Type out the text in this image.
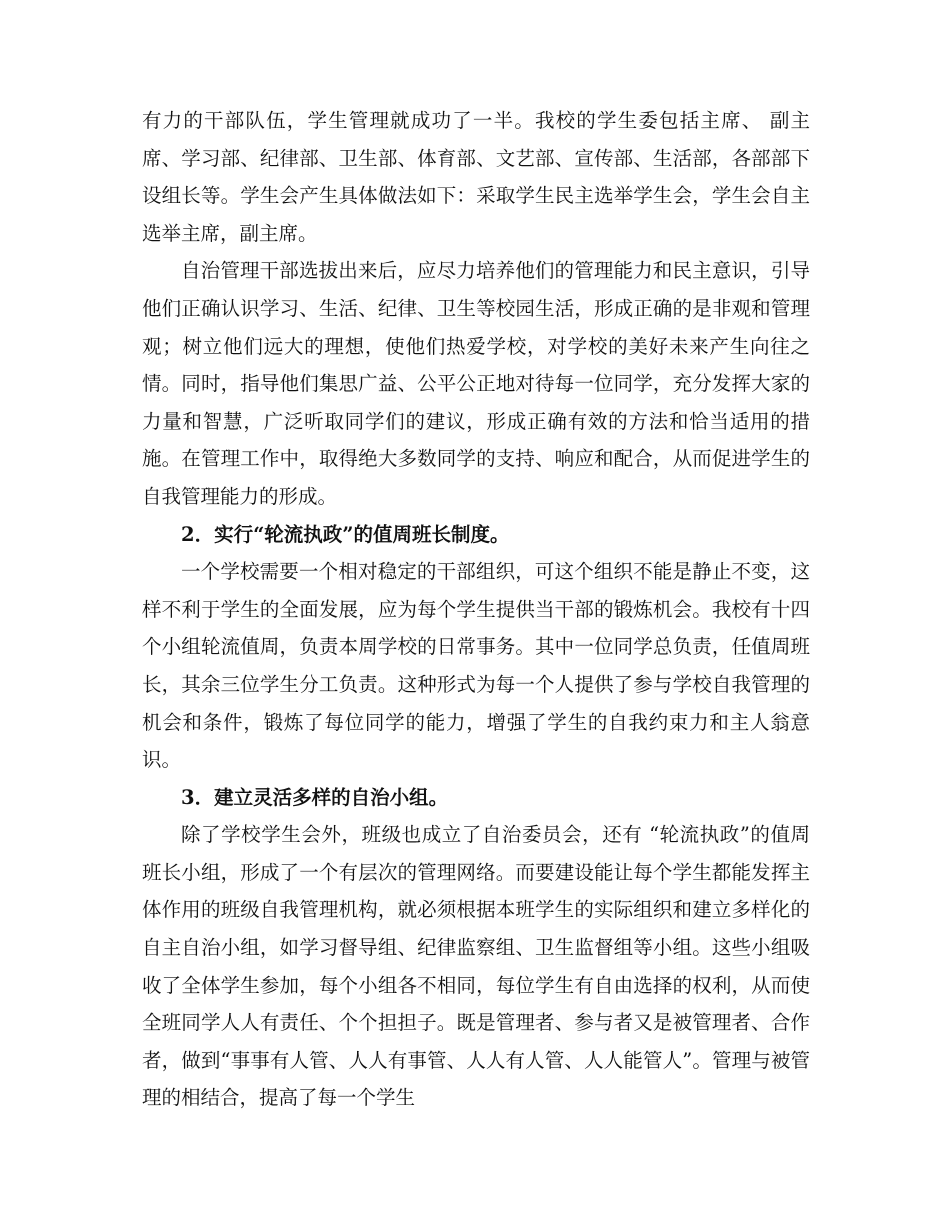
有力的干部队伍，学生管理就成功了一半。我校的学生委包括主席、 副主席、学习部、纪律部、卫生部、体育部、文艺部、宣传部、生活部，各部部下设组长等。学生会产生具体做法如下：采取学生民主选举学生会，学生会自主选举主席，副主席。

自治管理干部选拔出来后，应尽力培养他们的管理能力和民主意识，引导他们正确认识学习、生活、纪律、卫生等校园生活，形成正确的是非观和管理观；树立他们远大的理想，使他们热爱学校，对学校的美好未来产生向往之情。同时，指导他们集思广益、公平公正地对待每一位同学，充分发挥大家的力量和智慧，广泛听取同学们的建议，形成正确有效的方法和恰当适用的措施。在管理工作中，取得绝大多数同学的支持、响应和配合，从而促进学生的自我管理能力的形成。

2．实行“轮流执政”的值周班长制度。

一个学校需要一个相对稳定的干部组织，可这个组织不能是静止不变，这样不利于学生的全面发展，应为每个学生提供当干部的锻炼机会。我校有十四个小组轮流值周，负责本周学校的日常事务。其中一位同学总负责，任值周班长，其余三位学生分工负责。这种形式为每一个人提供了参与学校自我管理的机会和条件，锻炼了每位同学的能力，增强了学生的自我约束力和主人翁意识。

3．建立灵活多样的自治小组。

除了学校学生会外，班级也成立了自治委员会，还有 “轮流执政”的值周班长小组，形成了一个有层次的管理网络。而要建设能让每个学生都能发挥主体作用的班级自我管理机构，就必须根据本班学生的实际组织和建立多样化的自主自治小组，如学习督导组、纪律监察组、卫生监督组等小组。这些小组吸收了全体学生参加，每个小组各不相同，每位学生有自由选择的权利，从而使全班同学人人有责任、个个担担子。既是管理者、参与者又是被管理者、合作者，做到“事事有人管、人人有事管、人人有人管、人人能管人”。管理与被管理的相结合，提高了每一个学生
